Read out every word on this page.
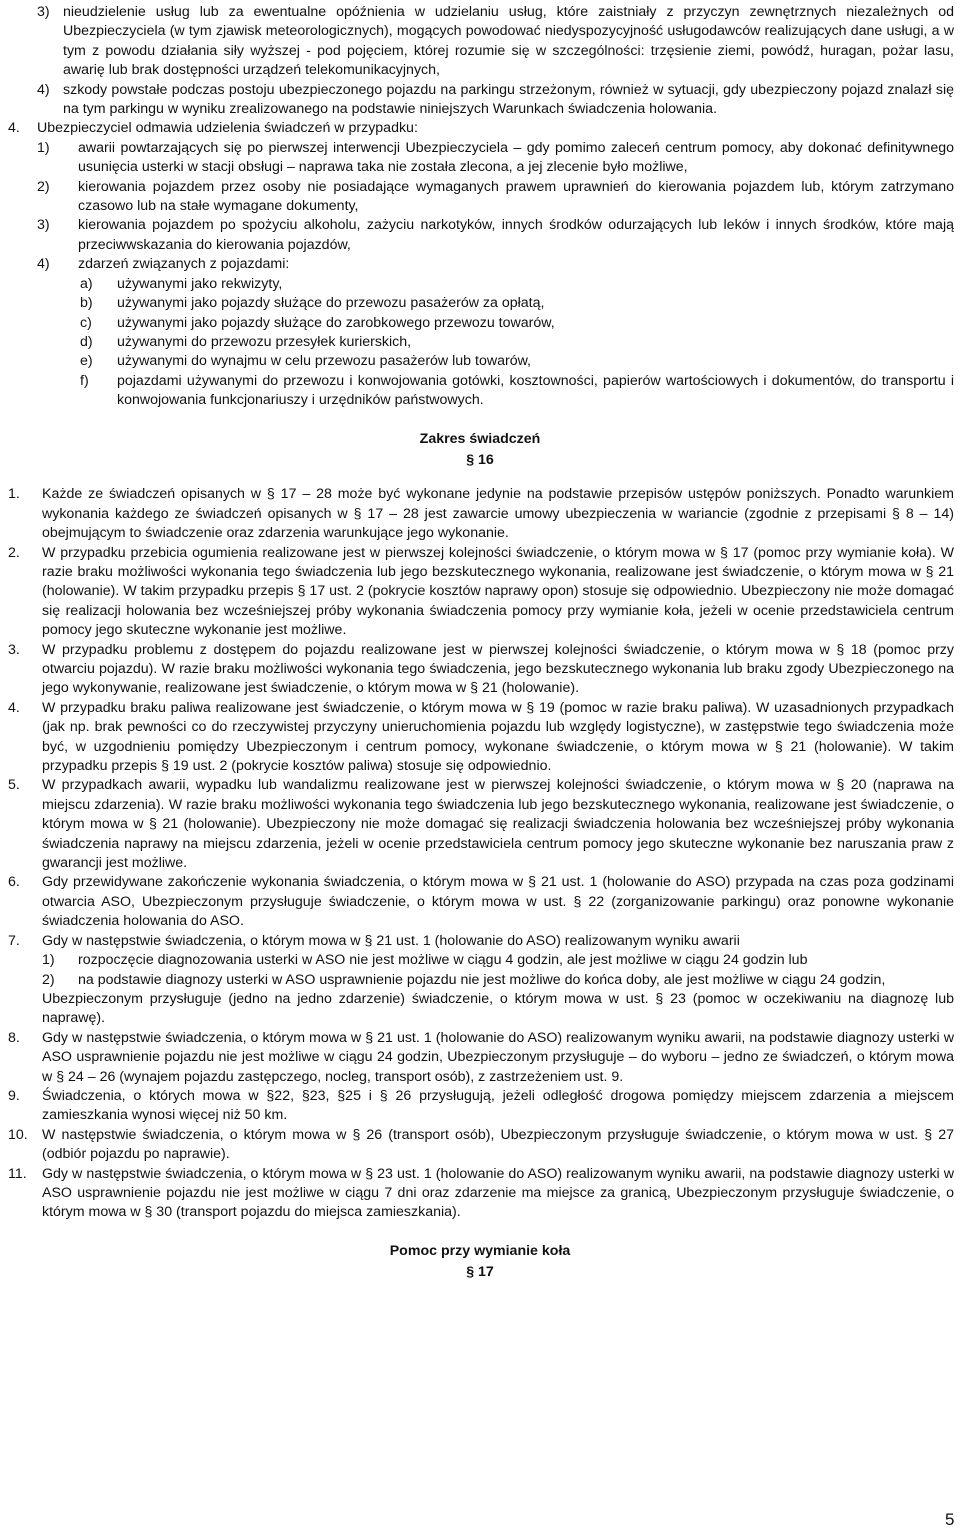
3) nieudzielenie usług lub za ewentualne opóźnienia w udzielaniu usług, które zaistniały z przyczyn zewnętrznych niezależnych od Ubezpieczyciela (w tym zjawisk meteorologicznych), mogących powodować niedyspozycyjność usługodawców realizujących dane usługi, a w tym z powodu działania siły wyższej - pod pojęciem, której rozumie się w szczególności: trzęsienie ziemi, powódź, huragan, pożar lasu, awarię lub brak dostępności urządzeń telekomunikacyjnych,
4) szkody powstałe podczas postoju ubezpieczonego pojazdu na parkingu strzeżonym, również w sytuacji, gdy ubezpieczony pojazd znalazł się na tym parkingu w wyniku zrealizowanego na podstawie niniejszych Warunkach świadczenia holowania.
4. Ubezpieczyciel odmawia udzielenia świadczeń w przypadku:
1) awarii powtarzających się po pierwszej interwencji Ubezpieczyciela – gdy pomimo zaleceń centrum pomocy, aby dokonać definitywnego usunięcia usterki w stacji obsługi – naprawa taka nie została zlecona, a jej zlecenie było możliwe,
2) kierowania pojazdem przez osoby nie posiadające wymaganych prawem uprawnień do kierowania pojazdem lub, którym zatrzymano czasowo lub na stałe wymagane dokumenty,
3) kierowania pojazdem po spożyciu alkoholu, zażyciu narkotyków, innych środków odurzających lub leków i innych środków, które mają przeciwwskazania do kierowania pojazdów,
4) zdarzeń związanych z pojazdami:
a) używanymi jako rekwizyty,
b) używanymi jako pojazdy służące do przewozu pasażerów za opłatą,
c) używanymi jako pojazdy służące do zarobkowego przewozu towarów,
d) używanymi do przewozu przesyłek kurierskich,
e) używanymi do wynajmu w celu przewozu pasażerów lub towarów,
f) pojazdami używanymi do przewozu i konwojowania gotówki, kosztowności, papierów wartościowych i dokumentów, do transportu i konwojowania funkcjonariuszy i urzędników państwowych.
Zakres świadczeń
§ 16
1. Każde ze świadczeń opisanych w § 17 – 28 może być wykonane jedynie na podstawie przepisów ustępów poniższych. Ponadto warunkiem wykonania każdego ze świadczeń opisanych w § 17 – 28 jest zawarcie umowy ubezpieczenia w wariancie (zgodnie z przepisami § 8 – 14) obejmującym to świadczenie oraz zdarzenia warunkujące jego wykonanie.
2. W przypadku przebicia ogumienia realizowane jest w pierwszej kolejności świadczenie, o którym mowa w § 17 (pomoc przy wymianie koła). W razie braku możliwości wykonania tego świadczenia lub jego bezskutecznego wykonania, realizowane jest świadczenie, o którym mowa w § 21 (holowanie). W takim przypadku przepis § 17 ust. 2 (pokrycie kosztów naprawy opon) stosuje się odpowiednio. Ubezpieczony nie może domagać się realizacji holowania bez wcześniejszej próby wykonania świadczenia pomocy przy wymianie koła, jeżeli w ocenie przedstawiciela centrum pomocy jego skuteczne wykonanie jest możliwe.
3. W przypadku problemu z dostępem do pojazdu realizowane jest w pierwszej kolejności świadczenie, o którym mowa w § 18 (pomoc przy otwarciu pojazdu). W razie braku możliwości wykonania tego świadczenia, jego bezskutecznego wykonania lub braku zgody Ubezpieczonego na jego wykonywanie, realizowane jest świadczenie, o którym mowa w § 21 (holowanie).
4. W przypadku braku paliwa realizowane jest świadczenie, o którym mowa w § 19 (pomoc w razie braku paliwa). W uzasadnionych przypadkach (jak np. brak pewności co do rzeczywistej przyczyny unieruchomienia pojazdu lub względy logistyczne), w zastępstwie tego świadczenia może być, w uzgodnieniu pomiędzy Ubezpieczonym i centrum pomocy, wykonane świadczenie, o którym mowa w § 21 (holowanie). W takim przypadku przepis § 19 ust. 2 (pokrycie kosztów paliwa) stosuje się odpowiednio.
5. W przypadkach awarii, wypadku lub wandalizmu realizowane jest w pierwszej kolejności świadczenie, o którym mowa w § 20 (naprawa na miejscu zdarzenia). W razie braku możliwości wykonania tego świadczenia lub jego bezskutecznego wykonania, realizowane jest świadczenie, o którym mowa w § 21 (holowanie). Ubezpieczony nie może domagać się realizacji świadczenia holowania bez wcześniejszej próby wykonania świadczenia naprawy na miejscu zdarzenia, jeżeli w ocenie przedstawiciela centrum pomocy jego skuteczne wykonanie bez naruszania praw z gwarancji jest możliwe.
6. Gdy przewidywane zakończenie wykonania świadczenia, o którym mowa w § 21 ust. 1 (holowanie do ASO) przypada na czas poza godzinami otwarcia ASO, Ubezpieczonym przysługuje świadczenie, o którym mowa w ust. § 22 (zorganizowanie parkingu) oraz ponowne wykonanie świadczenia holowania do ASO.
7. Gdy w następstwie świadczenia, o którym mowa w § 21 ust. 1 (holowanie do ASO) realizowanym wyniku awarii
1) rozpoczęcie diagnozowania usterki w ASO nie jest możliwe w ciągu 4 godzin, ale jest możliwe w ciągu 24 godzin lub
2) na podstawie diagnozy usterki w ASO usprawnienie pojazdu nie jest możliwe do końca doby, ale jest możliwe w ciągu 24 godzin,
Ubezpieczonym przysługuje (jedno na jedno zdarzenie) świadczenie, o którym mowa w ust. § 23 (pomoc w oczekiwaniu na diagnozę lub naprawę).
8. Gdy w następstwie świadczenia, o którym mowa w § 21 ust. 1 (holowanie do ASO) realizowanym wyniku awarii, na podstawie diagnozy usterki w ASO usprawnienie pojazdu nie jest możliwe w ciągu 24 godzin, Ubezpieczonym przysługuje – do wyboru – jedno ze świadczeń, o którym mowa w § 24 – 26 (wynajem pojazdu zastępczego, nocleg, transport osób), z zastrzeżeniem ust. 9.
9. Świadczenia, o których mowa w §22, §23, §25 i § 26 przysługują, jeżeli odległość drogowa pomiędzy miejscem zdarzenia a miejscem zamieszkania wynosi więcej niż 50 km.
10. W następstwie świadczenia, o którym mowa w § 26 (transport osób), Ubezpieczonym przysługuje świadczenie, o którym mowa w ust. § 27 (odbiór pojazdu po naprawie).
11. Gdy w następstwie świadczenia, o którym mowa w § 23 ust. 1 (holowanie do ASO) realizowanym wyniku awarii, na podstawie diagnozy usterki w ASO usprawnienie pojazdu nie jest możliwe w ciągu 7 dni oraz zdarzenie ma miejsce za granicą, Ubezpieczonym przysługuje świadczenie, o którym mowa w § 30 (transport pojazdu do miejsca zamieszkania).
Pomoc przy wymianie koła
§ 17
5
